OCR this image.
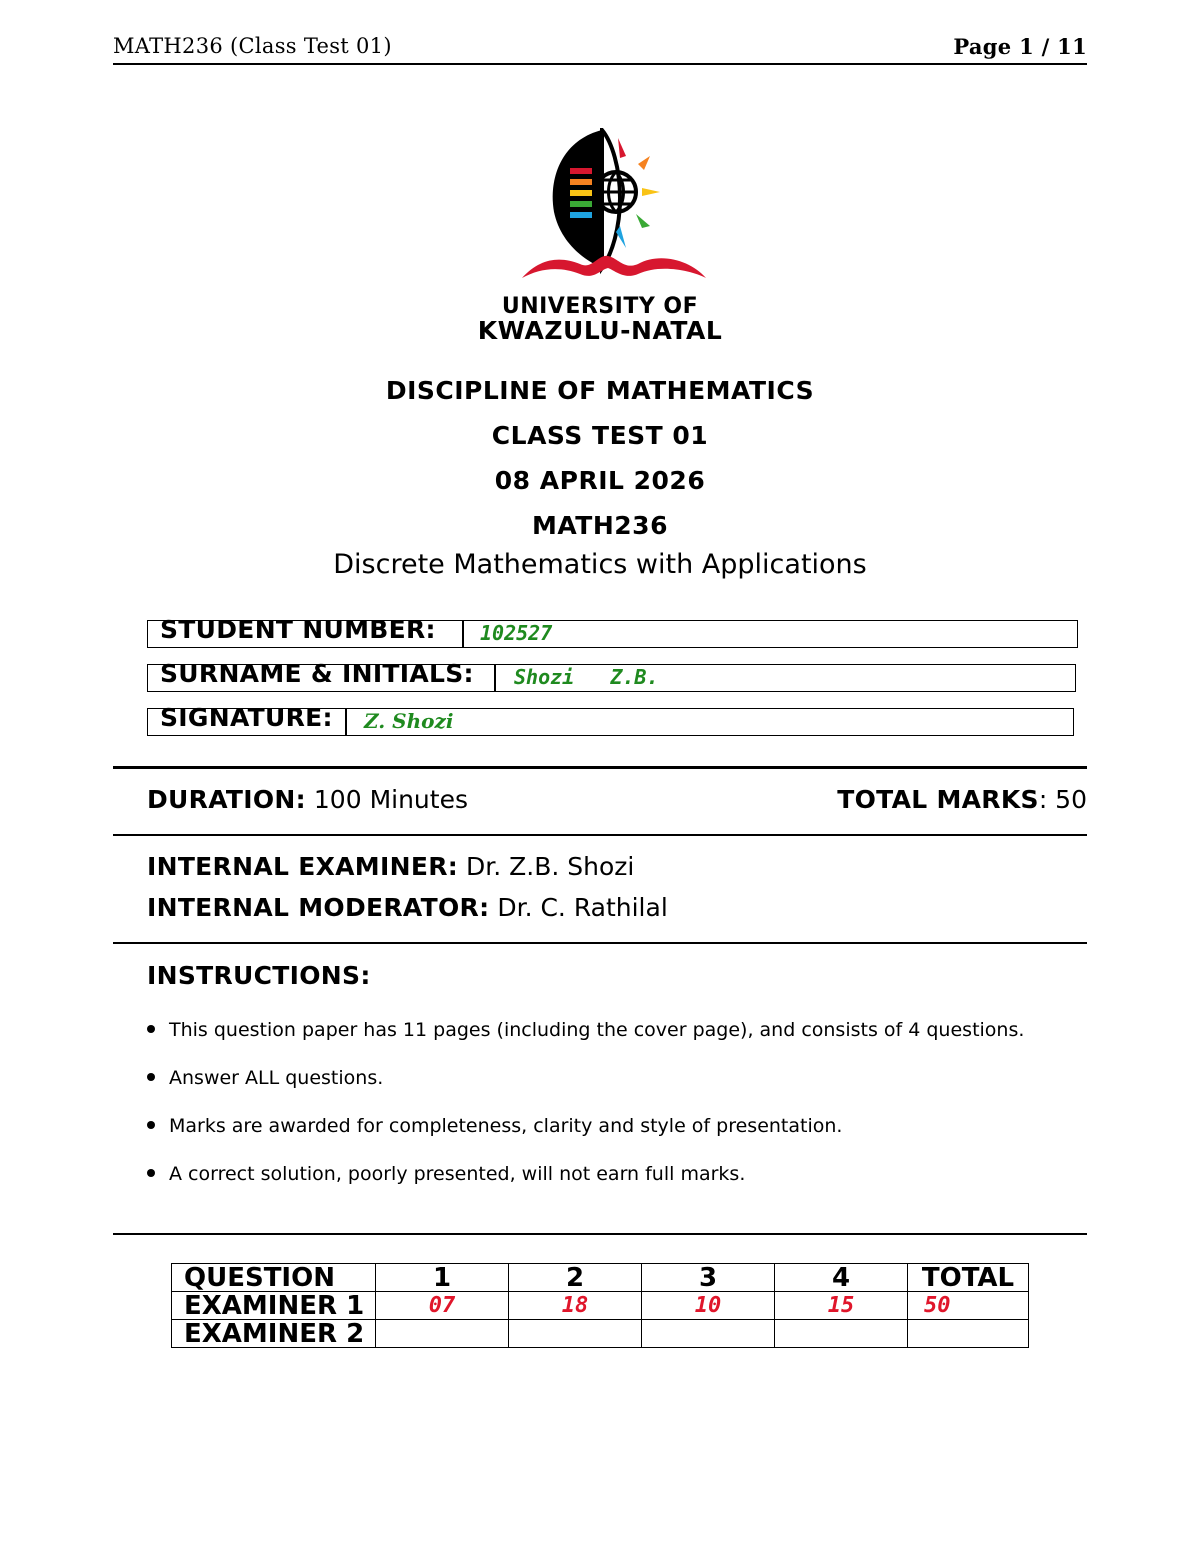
MATH236 (Class Test 01)	Page 1 / 11
UNIVERSITY OF
KWAZULU-NATAL
DISCIPLINE OF MATHEMATICS
CLASS TEST 01
08 APRIL 2026
MATH236
Discrete Mathematics with Applications
STUDENT NUMBER: 102527
SURNAME & INITIALS: Shozi   Z.B.
SIGNATURE: Z. Shozi
DURATION: 100 Minutes	TOTAL MARKS: 50
INTERNAL EXAMINER: Dr. Z.B. Shozi
INTERNAL MODERATOR: Dr. C. Rathilal
INSTRUCTIONS:
This question paper has 11 pages (including the cover page), and consists of 4 questions.
Answer ALL questions.
Marks are awarded for completeness, clarity and style of presentation.
A correct solution, poorly presented, will not earn full marks.
QUESTION	1	2	3	4	TOTAL
EXAMINER 1	07	18	10	15	50
EXAMINER 2					
